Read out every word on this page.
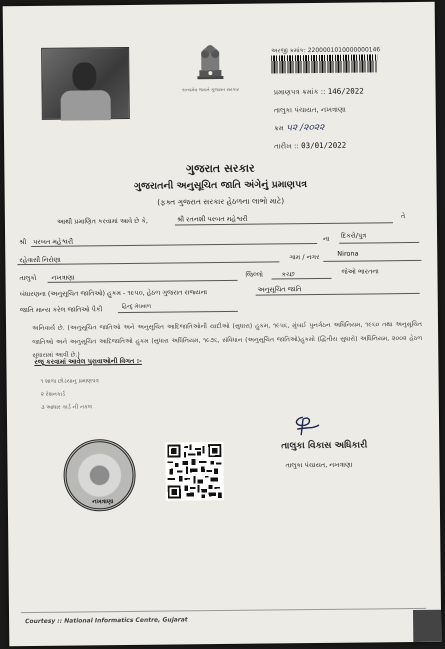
સત્યમેવ જયતે ગુજરાત સરકાર
અરજી ક્રમાંક: 2200001010000000146
પ્રમાણપત્ર ક્રમાંક :: 146/2022
તાલુકા પંચાયત, નખત્રાણા
ક્રમ ૫૨ /૨૦૨૨
તારીખ :: 03/01/2022
ગુજરાત સરકાર
ગુજરાતની અનુસૂચિત જાતિ અંગેનું પ્રમાણપત્ર
(ફક્ત ગુજરાત સરકાર હેઠળના લાભો માટે)
આથી પ્રમાણિત કરવામાં આવે છે કે,	શ્રી રતનશી પરબત મહેશ્વરી	તે
શ્રી પરબત મહેશ્વરી	ના દિકરો/પુત્ર
રહેવાસી નિરોણા	ગામ / નગર	Nirona
તાલુકો નખત્રાણા	જિલ્લો	કચ્છ	જેઓ ભારતના
બંધારણના (અનુસૂચિત જાતિઓ) હુકમ - ૧૯૫૦, હેઠળ ગુજરાત રાજ્યના	અનુસૂચિત જાતિ
જાતિ માન્ય કરેલ જાતિઓ પૈકી	હિન્દુ મેઘવાળ
અનિવાર્ય છે. (અનુસૂચિત જાતિઓ અને અનુસૂચિત આદિજાતિઓની યાદીઓ (સુધારા) હુકમ, ૧૯૫૬, મુંબઈ પુનર્ગઠન અધિનિયમ, ૧૯૬૦ તથા અનુસૂચિત જાતિઓ અને અનુસૂચિત આદિજાતિઓ હુકમ (સુધારા અધિનિયમ, ૧૯૭૬, સંવિધાન (અનુસૂચિત જાતિઓ)હુકમો (દ્વિતીય સુધારો) અધિનિયમ, ૨૦૦૨ હેઠળ સુધારામાં આવી છે.)
રજૂ કરવામાં આવેલ પુરાવાઓની વિગત :-
૧ શાળા છોડયાનુ પ્રમાણપત્ર
૨ રેશનકાર્ડ
૩ આધાર કાર્ડ ની નકલ
તાલુકા વિકાસ અધિકારી
તાલુકા પંચાયત, નખત્રાણા
નખત્રાણા
Courtesy :: National Informatics Centre, Gujarat
